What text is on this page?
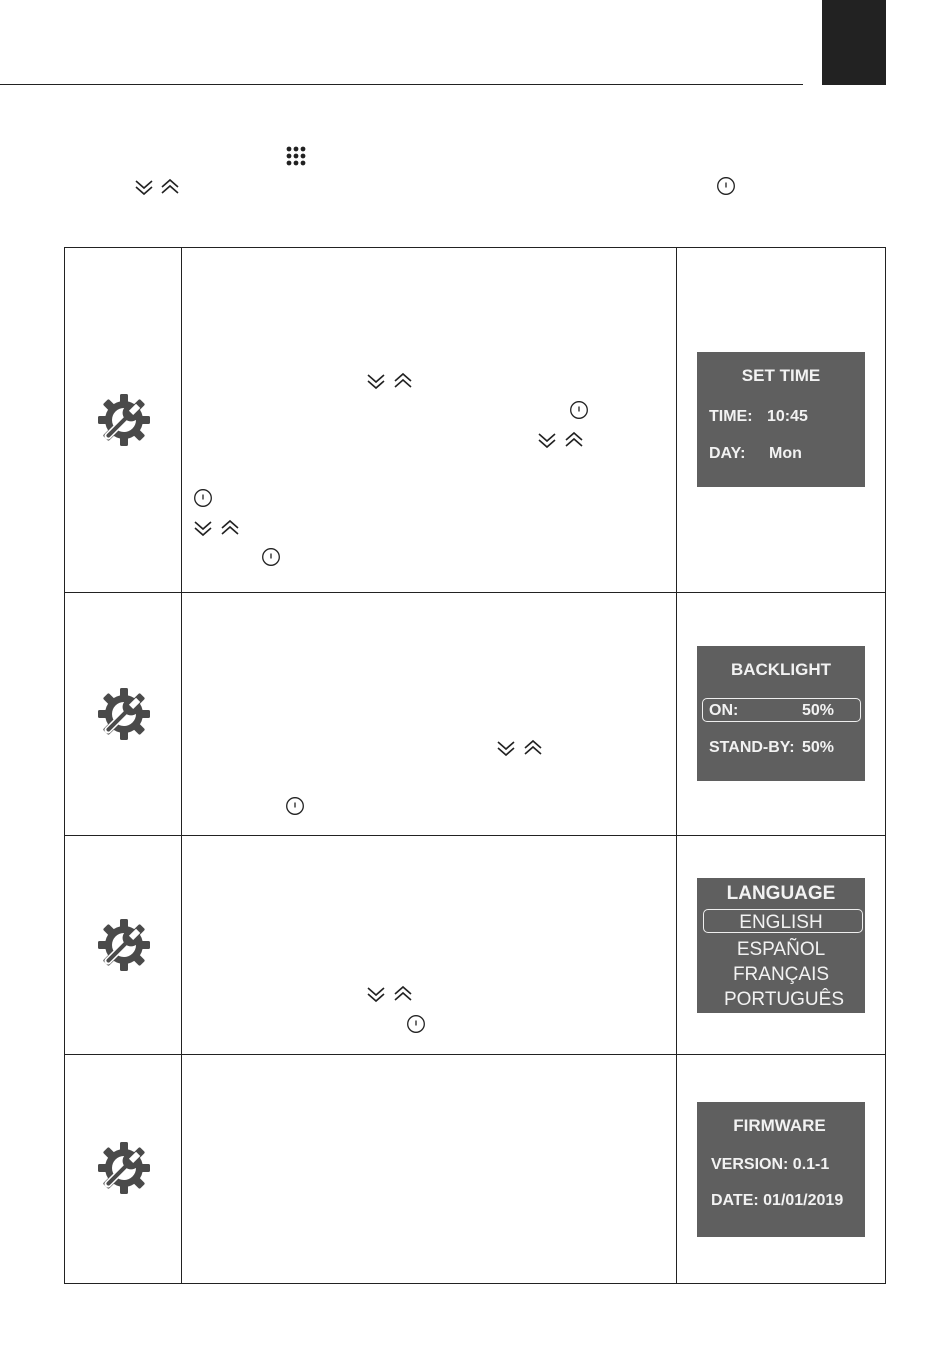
SET TIME
TIME: 10:45
DAY: Mon

BACKLIGHT
ON: 50%
STAND-BY: 50%

LANGUAGE
ENGLISH
ESPAÑOL
FRANÇAIS
PORTUGUÊS

FIRMWARE
VERSION: 0.1-1
DATE: 01/01/2019
